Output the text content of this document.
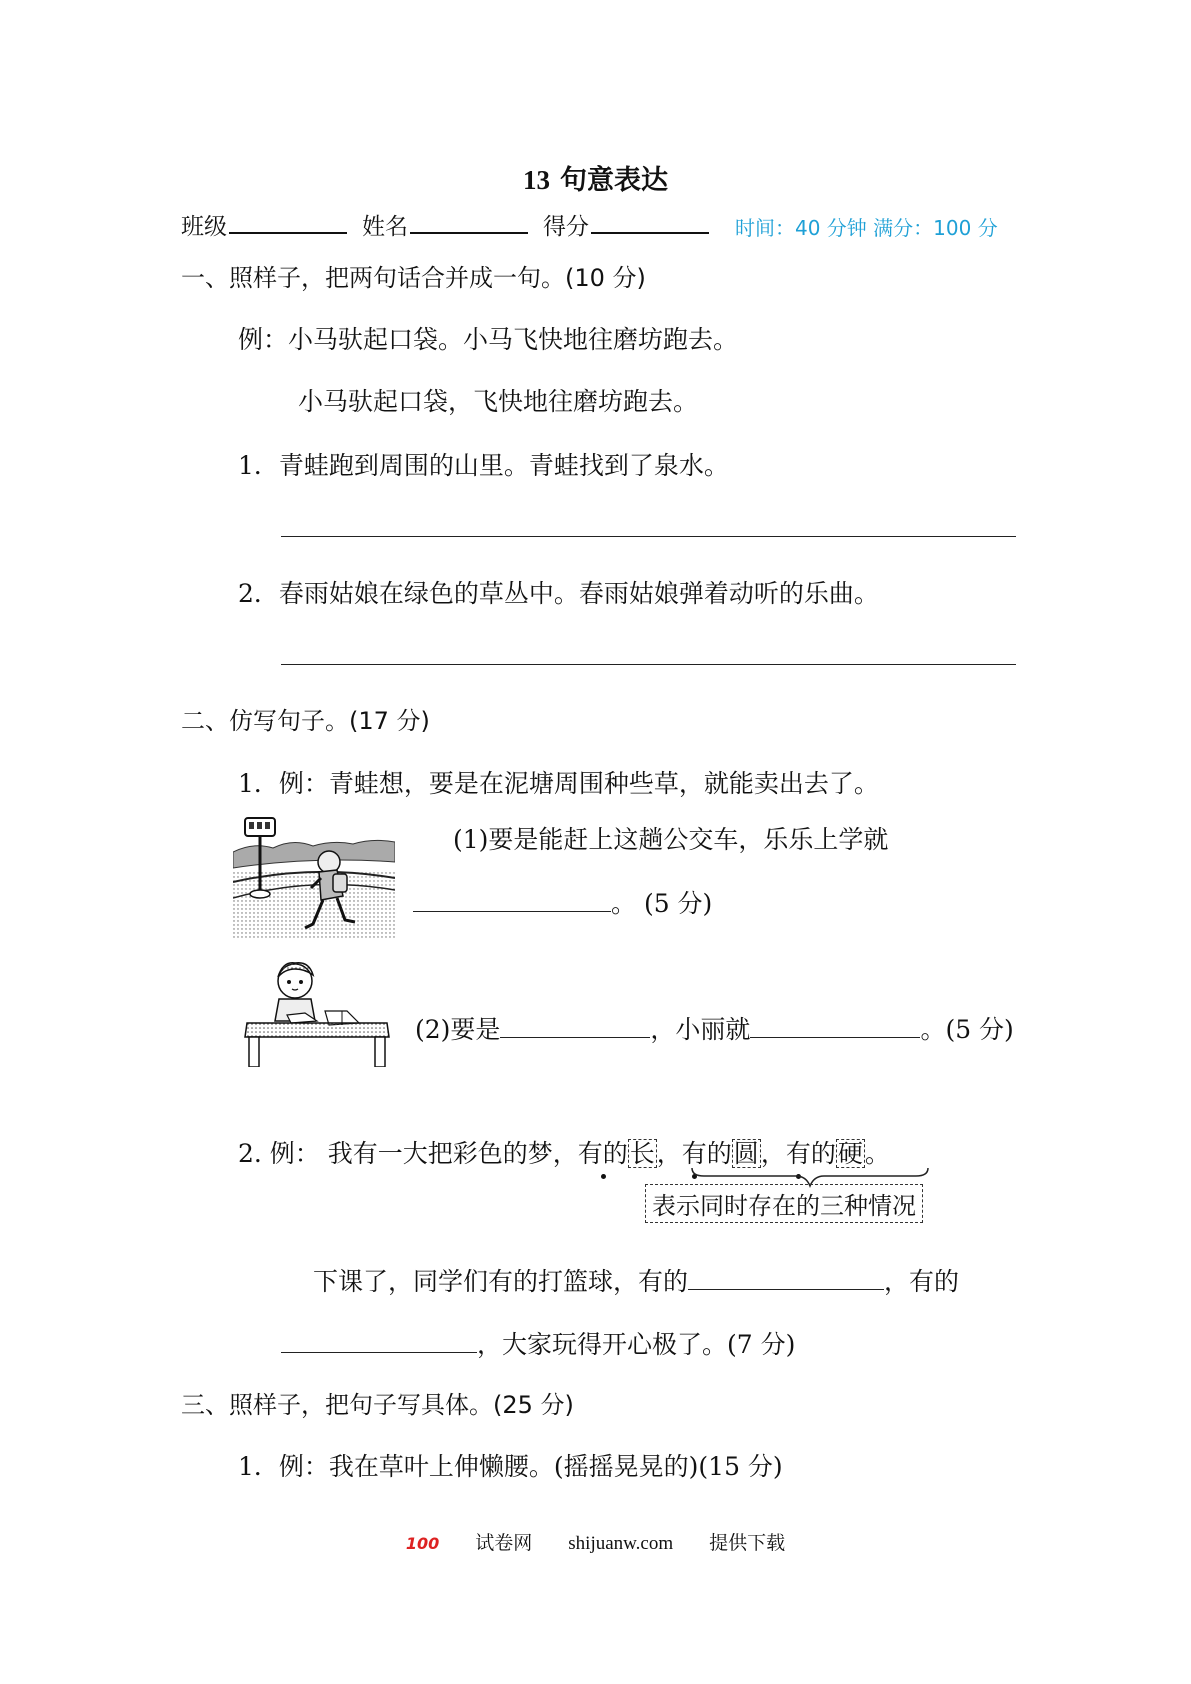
13 句意表达
班级	姓名	得分	时间：40 分钟 满分：100 分
一、照样子，把两句话合并成一句。(10 分)
例：小马驮起口袋。小马飞快地往磨坊跑去。
小马驮起口袋，飞快地往磨坊跑去。
1．青蛙跑到周围的山里。青蛙找到了泉水。
2．春雨姑娘在绿色的草丛中。春雨姑娘弹着动听的乐曲。
二、仿写句子。(17 分)
1．例：青蛙想，要是在泥塘周围种些草，就能卖出去了。
(1)要是能赶上这趟公交车，乐乐上学就
。 (5 分)
(2)要是	，小丽就	。(5 分)
2. 例： 我有一大把彩色的梦，有的长，有的圆，有的硬。
表示同时存在的三种情况
下课了，同学们有的打篮球，有的	，有的
，大家玩得开心极了。(7 分)
三、照样子，把句子写具体。(25 分)
1．例：我在草叶上伸懒腰。(摇摇晃晃的)(15 分)
100 试卷网 shijuanw.com 提供下载
